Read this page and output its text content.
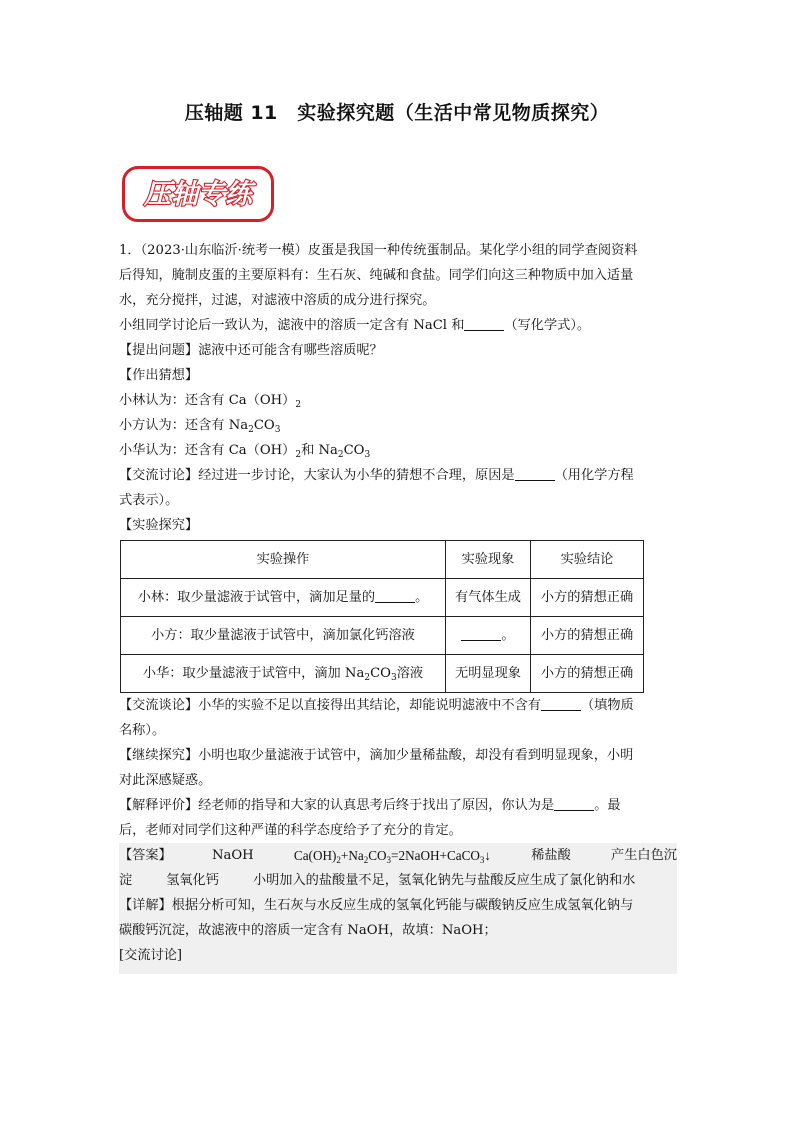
压轴题 11　实验探究题（生活中常见物质探究）
压轴专练

1．（2023·山东临沂·统考一模）皮蛋是我国一种传统蛋制品。某化学小组的同学查阅资料

后得知，腌制皮蛋的主要原料有：生石灰、纯碱和食盐。同学们向这三种物质中加入适量

水，充分搅拌，过滤，对滤液中溶质的成分进行探究。

小组同学讨论后一致认为，滤液中的溶质一定含有 NaCl 和	（写化学式）。

【提出问题】滤液中还可能含有哪些溶质呢？

【作出猜想】

小林认为：还含有 $Ca(OH)_2$

小方认为：还含有 $Na_2CO_3$

小华认为：还含有 $Ca(OH)_2$和 $Na_2CO_3$

【交流讨论】经过进一步讨论，大家认为小华的猜想不合理，原因是	（用化学方程

式表示）。

【实验探究】

实验操作	实验现象	实验结论
小林：取少量滤液于试管中，滴加足量的 。	有气体生成	小方的猜想正确
小方：取少量滤液于试管中，滴加氯化钙溶液	。	小方的猜想正确
小华：取少量滤液于试管中，滴加 $Na_2CO_3$溶液	无明显现象	小方的猜想正确

【交流谈论】小华的实验不足以直接得出其结论，却能说明滤液中不含有	（填物质

名称）。

【继续探究】小明也取少量滤液于试管中，滴加少量稀盐酸，却没有看到明显现象，小明

对此深感疑惑。

【解释评价】经老师的指导和大家的认真思考后终于找出了原因，你认为是	。最

后，老师对同学们这种严谨的科学态度给予了充分的肯定。

【答案】	NaOH	$Ca(OH)_2+Na_2CO_3=2NaOH+CaCO_3↓$	稀盐酸	产生白色沉

淀	氢氧化钙	小明加入的盐酸量不足，氢氧化钠先与盐酸反应生成了氯化钠和水

【详解】根据分析可知，生石灰与水反应生成的氢氧化钙能与碳酸钠反应生成氢氧化钠与

碳酸钙沉淀，故滤液中的溶质一定含有 NaOH，故填：NaOH；

[交流讨论]
